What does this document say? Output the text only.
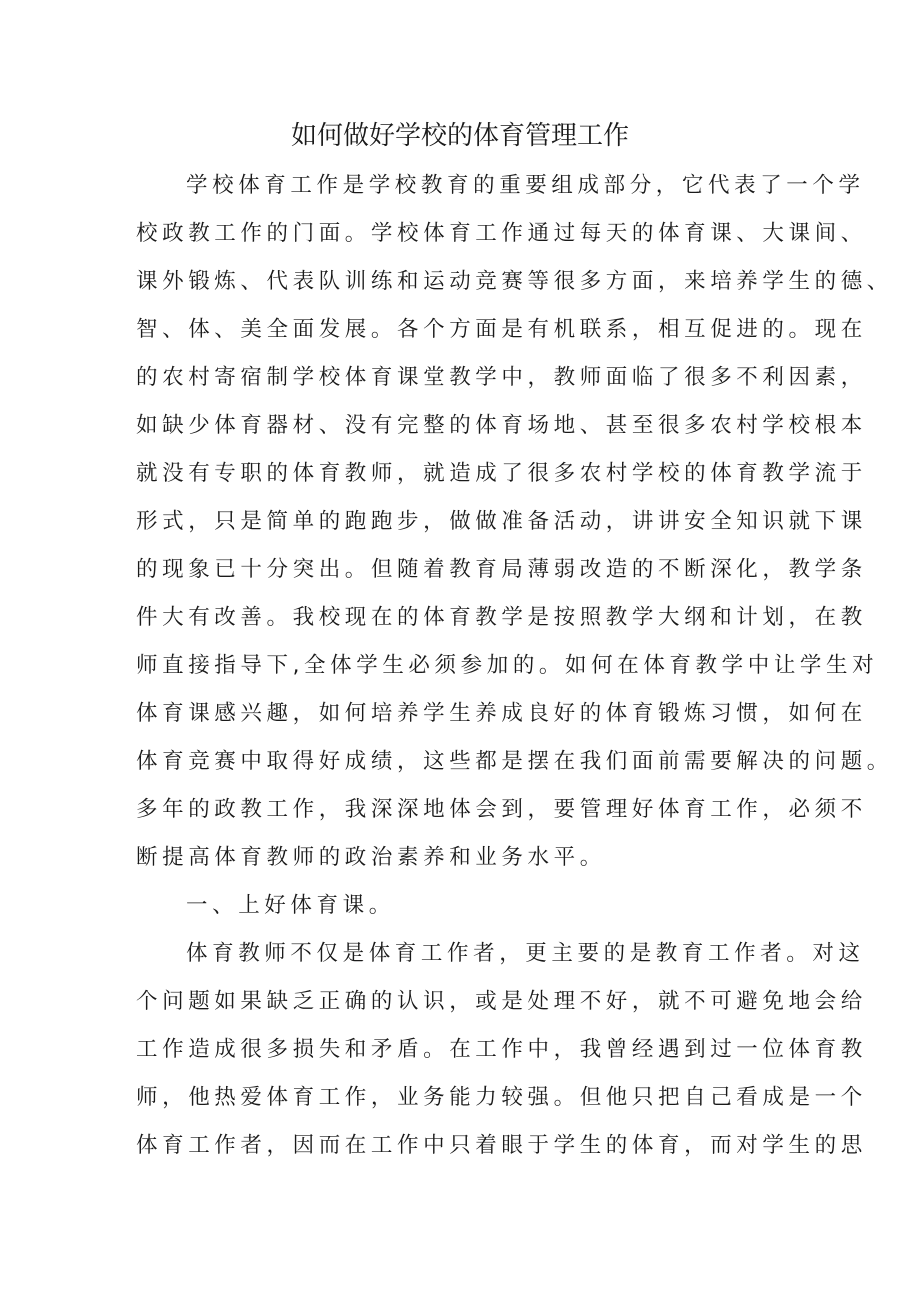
如何做好学校的体育管理工作
学校体育工作是学校教育的重要组成部分，它代表了一个学
校政教工作的门面。学校体育工作通过每天的体育课、大课间、
课外锻炼、代表队训练和运动竞赛等很多方面，来培养学生的德、
智、体、美全面发展。各个方面是有机联系，相互促进的。现在
的农村寄宿制学校体育课堂教学中，教师面临了很多不利因素，
如缺少体育器材、没有完整的体育场地、甚至很多农村学校根本
就没有专职的体育教师，就造成了很多农村学校的体育教学流于
形式，只是简单的跑跑步，做做准备活动，讲讲安全知识就下课
的现象已十分突出。但随着教育局薄弱改造的不断深化，教学条
件大有改善。我校现在的体育教学是按照教学大纲和计划，在教
师直接指导下,全体学生必须参加的。如何在体育教学中让学生对
体育课感兴趣，如何培养学生养成良好的体育锻炼习惯，如何在
体育竞赛中取得好成绩，这些都是摆在我们面前需要解决的问题。
多年的政教工作，我深深地体会到，要管理好体育工作，必须不
断提高体育教师的政治素养和业务水平。
一、上好体育课。
体育教师不仅是体育工作者，更主要的是教育工作者。对这
个问题如果缺乏正确的认识，或是处理不好，就不可避免地会给
工作造成很多损失和矛盾。在工作中，我曾经遇到过一位体育教
师，他热爱体育工作，业务能力较强。但他只把自己看成是一个
体育工作者，因而在工作中只着眼于学生的体育，而对学生的思
